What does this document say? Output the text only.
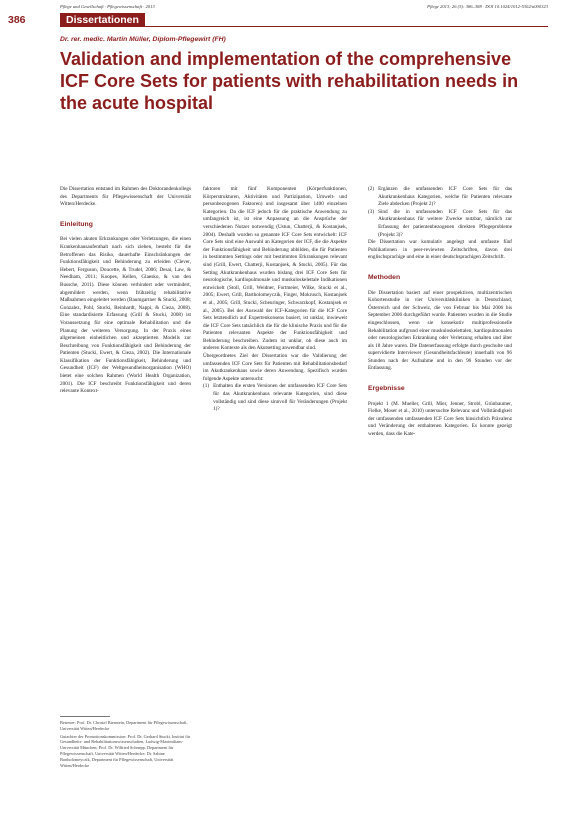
Pflege und Gesellschaft · Pflegewissenschaft · 2013	Pflege 2013; 26 (5): 386–388 · DOI 10.1024/1012-5302/a000323
386	Dissertationen
Dr. rer. medic. Martin Müller, Diplom-Pflegewirt (FH)
Validation and implementation of the comprehensive ICF Core Sets for patients with rehabilitation needs in the acute hospital

Die Dissertation entstand im Rahmen des Doktorandenkollegs des Departments für Pflegewissenschaft der Universität Witten/Herdecke.

Einleitung

Bei vielen akuten Erkrankungen oder Verletzungen, die einen Krankenhausaufenthalt nach sich ziehen, besteht für die Betroffenen das Risiko, dauerhafte Einschränkungen der Funktionsfähigkeit und Behinderung zu erleiden (Clever, Hebert, Ferguson, Doucette, & Trudel, 2006; Desai, Law, & Needham, 2011; Koopes, Kellen, Glaesko, & van den Bussche, 2011). Diese können verhindert oder vermindert, abgemildert werden, wenn frühzeitig rehabilitative Maßnahmen eingeleitet werden (Baumgartner & Stucki, 2008; Gonzalez, Pohl, Stucki, Reinhardt, Nappi, & Cieza, 2008). Eine standardisierte Erfassung (Grill & Stucki, 2008) ist Voraussetzung für eine optimale Rehabilitation und die Planung der weiteren Versorgung. In der Praxis eines allgemeinen einheitlichen und akzeptierten Modells zur Beschreibung von Funktionsfähigkeit und Behinderung der Patienten (Stucki, Ewert, & Cieza, 2002). Die Internationale Klassifikation der Funktionsfähigkeit, Behinderung und Gesundheit (ICF) der Weltgesundheitsorganisation (WHO) bietet eine solchen Rahmen (World Health Organization, 2001). Die ICF beschreibt Funktionsfähigkeit und deren relevante Kontext-

Betreuer: Prof. Dr. Christel Bienstein, Department für Pflegewissenschaft, Universität Witten/Herdecke

Gutachter der Promotionskommission: Prof. Dr. Gerhard Stucki, Institut für Gesundheits- und Rehabilitationswissenschaften, Ludwig-Maximilians-Universität München; Prof. Dr. Wilfried Schnepp, Department für Pflegewissenschaft, Universität Witten/Herdecke; Dr. Sabine Bartholomeyczik, Department für Pflegewissenschaft, Universität Witten/Herdecke

faktoren mit fünf Komponenten (Körperfunktionen, Körperstrukturen, Aktivitäten und Partizipation, Umwelt- und personbezogenen Faktoren) und insgesamt über 1400 einzelnen Kategorien. Da die ICF jedoch für die praktische Anwendung zu umfangreich ist, ist eine Anpassung an die Ansprüche der verschiedenen Nutzer notwendig (Ustun, Chatterji, & Kostanjsek, 2004). Deshalb wurden so genannte ICF Core Sets entwickelt: ICF Core Sets sind eine Auswahl an Kategorien der ICF, die die Aspekte der Funktionsfähigkeit und Behinderung abbilden, die für Patienten in bestimmten Settings oder mit bestimmten Erkrankungen relevant sind (Grill, Ewert, Chatterji, Kostanjsek, & Stucki, 2005). Für das Setting Akutkrankenhaus wurden bislang drei ICF Core Sets für neurologische, kardiopulmonale und muskuloskelettale Indikationen entwickelt (Stoll, Grill, Weidner, Fortmeier, Wilke, Stucki et al., 2005; Ewert, Grill, Bartholomeyczik, Finger, Mokrusch, Kostanjsek et al., 2005; Grill, Stucki, Scheuringer, Schwarzkopf, Kostanjsek et al., 2005). Bei der Auswahl der ICF-Kategorien für die ICF Core Sets letztendlich auf Expertenkonsens basiert, ist unklar, inwieweit die ICF Core Sets tatsächlich die für die klinische Praxis und für die Patienten relevanten Aspekte der Funktionsfähigkeit und Behinderung beschreiben. Zudem ist unklar, ob diese auch im anderen Kontexte als den Akutsetting anwendbar sind.

Übergeordnetes Ziel der Dissertation war die Validierung der umfassenden ICF Core Sets für Patienten mit Rehabilitationsbedarf im Akutkrankenhaus sowie deren Anwendung. Spezifisch wurden folgende Aspekte untersucht:

(1) Enthalten die ersten Versionen der umfassenden ICF Core Sets für das Akutkrankenhaus relevante Kategorien, sind diese vollständig und sind diese sinnvoll für Veränderungen (Projekt 1)?
(2) Ergänzen die umfassenden ICF Core Sets für das Akutkrankenhaus Kategorien, welche für Patienten relevante Ziele abdecken (Projekt 2)?
(3) Sind die in umfassenden ICF Core Sets für das Akutkrankenhaus für weitere Zwecke nutzbar, nämlich zur Erfassung der patientenbezogenen direkten Pflegeprobleme (Projekt 3)?

Die Dissertation war kumulativ angelegt und umfasste fünf Publikationen in peer-reviewten Zeitschriften, davon drei englischsprachige und eine in einer deutschsprachigen Zeitschrift.

Methoden

Die Dissertation basiert auf einer prospektiven, multizentrischen Kohortenstudie in vier Universitätskliniken in Deutschland, Österreich und der Schweiz, die von Februar bis Mai 2006 bis September 2006 durchgeführt wurde. Patienten wurden in die Studie eingeschlossen, wenn sie konsekutiv multiprofessionelle Rehabilitation aufgrund einer muskuloskelettalen, kardiopulmonalen oder neurologischen Erkrankung oder Verletzung erhalten und älter als 18 Jahre waren. Die Datenerfassung erfolgte durch geschulte und supervidierte Interviewer (Gesundheitsfachleute) innerhalb von 96 Stunden nach der Aufnahme und in den 96 Stunden vor der Entlassung.

Ergebnisse

Projekt 1 (M. Mueller, Grill, Mier, Jenner, Strobl, Grünbaumer, Fielke, Moser et al., 2010) untersuchte Relevanz und Vollständigkeit der umfassenden umfassenden ICF Core Sets hinsichtlich Prävalenz und Veränderung der enthaltenen Kategorien. Es konnte gezeigt werden, dass die Kate-
